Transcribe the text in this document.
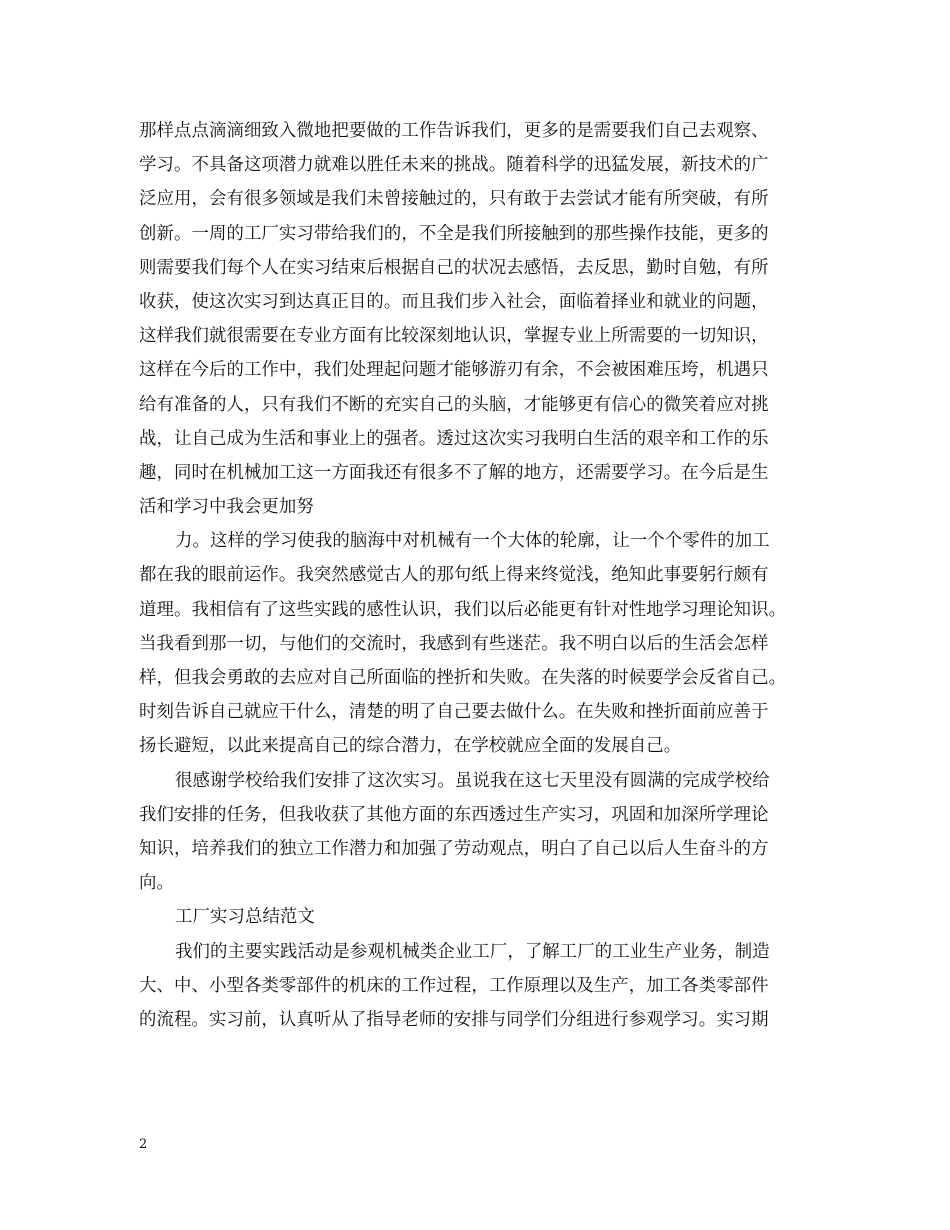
那样点点滴滴细致入微地把要做的工作告诉我们，更多的是需要我们自己去观察、
学习。不具备这项潜力就难以胜任未来的挑战。随着科学的迅猛发展，新技术的广
泛应用，会有很多领域是我们未曾接触过的，只有敢于去尝试才能有所突破，有所
创新。一周的工厂实习带给我们的，不全是我们所接触到的那些操作技能，更多的
则需要我们每个人在实习结束后根据自己的状况去感悟，去反思，勤时自勉，有所
收获，使这次实习到达真正目的。而且我们步入社会，面临着择业和就业的问题，
这样我们就很需要在专业方面有比较深刻地认识，掌握专业上所需要的一切知识，
这样在今后的工作中，我们处理起问题才能够游刃有余，不会被困难压垮，机遇只
给有准备的人，只有我们不断的充实自己的头脑，才能够更有信心的微笑着应对挑
战，让自己成为生活和事业上的强者。透过这次实习我明白生活的艰辛和工作的乐
趣，同时在机械加工这一方面我还有很多不了解的地方，还需要学习。在今后是生
活和学习中我会更加努
力。这样的学习使我的脑海中对机械有一个大体的轮廓，让一个个零件的加工
都在我的眼前运作。我突然感觉古人的那句纸上得来终觉浅，绝知此事要躬行颇有
道理。我相信有了这些实践的感性认识，我们以后必能更有针对性地学习理论知识。
当我看到那一切，与他们的交流时，我感到有些迷茫。我不明白以后的生活会怎样
样，但我会勇敢的去应对自己所面临的挫折和失败。在失落的时候要学会反省自己。
时刻告诉自己就应干什么，清楚的明了自己要去做什么。在失败和挫折面前应善于
扬长避短，以此来提高自己的综合潜力，在学校就应全面的发展自己。
很感谢学校给我们安排了这次实习。虽说我在这七天里没有圆满的完成学校给
我们安排的任务，但我收获了其他方面的东西透过生产实习，巩固和加深所学理论
知识，培养我们的独立工作潜力和加强了劳动观点，明白了自己以后人生奋斗的方
向。
工厂实习总结范文
我们的主要实践活动是参观机械类企业工厂，了解工厂的工业生产业务，制造
大、中、小型各类零部件的机床的工作过程，工作原理以及生产，加工各类零部件
的流程。实习前，认真听从了指导老师的安排与同学们分组进行参观学习。实习期
2
